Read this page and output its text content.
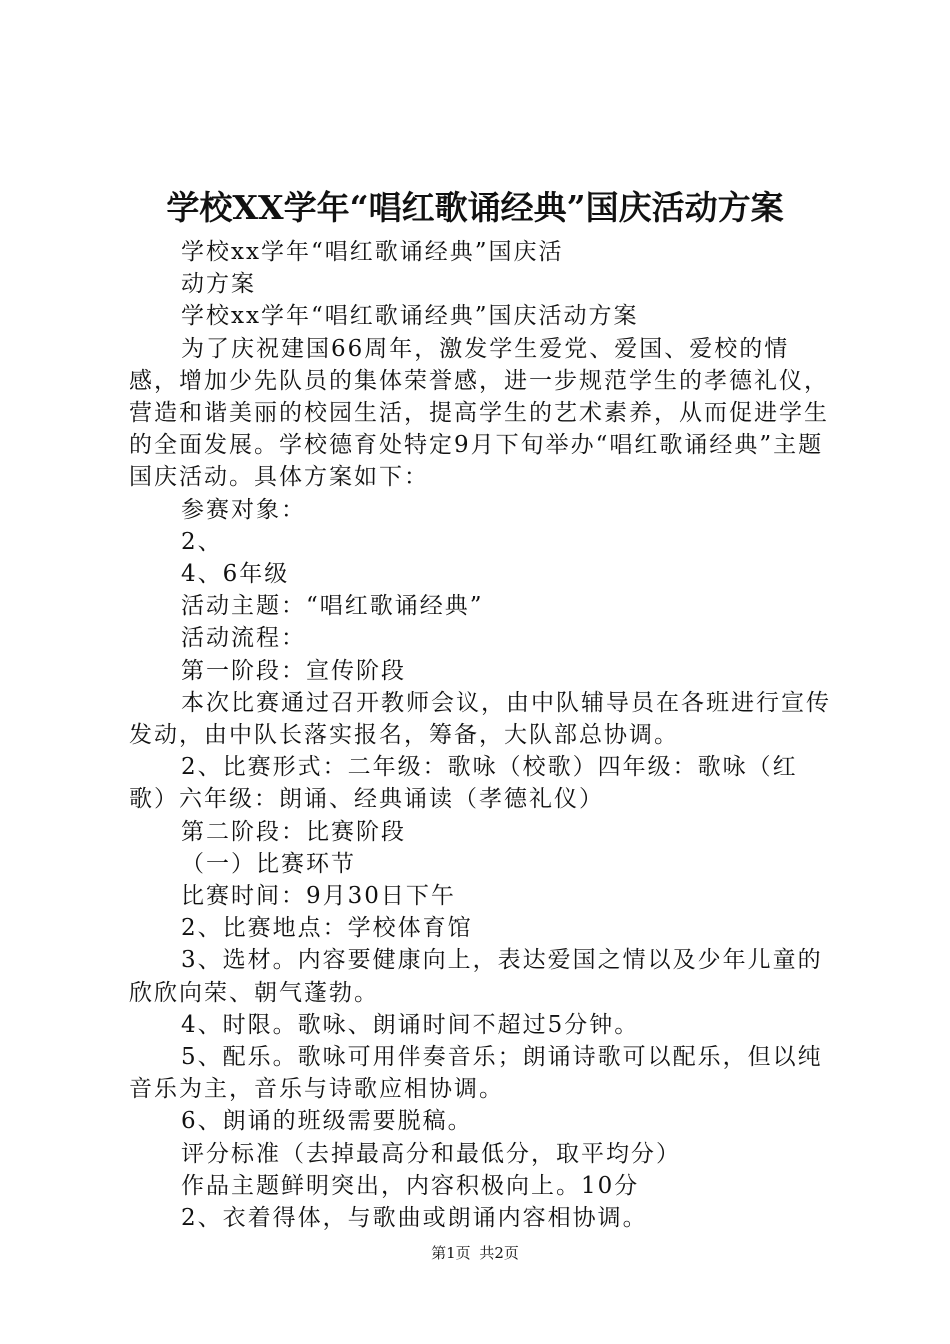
学校XX学年“唱红歌诵经典”国庆活动方案

学校xx学年“唱红歌诵经典”国庆活

动方案

学校xx学年“唱红歌诵经典”国庆活动方案

为了庆祝建国66周年，激发学生爱党、爱国、爱校的情感，增加少先队员的集体荣誉感，进一步规范学生的孝德礼仪，营造和谐美丽的校园生活，提高学生的艺术素养，从而促进学生的全面发展。学校德育处特定9月下旬举办“唱红歌诵经典”主题国庆活动。具体方案如下：

参赛对象：

2、

4、6年级

活动主题：“唱红歌诵经典”

活动流程：

第一阶段：宣传阶段

本次比赛通过召开教师会议，由中队辅导员在各班进行宣传发动，由中队长落实报名，筹备，大队部总协调。

2、比赛形式：二年级：歌咏（校歌）四年级：歌咏（红歌）六年级：朗诵、经典诵读（孝德礼仪）

第二阶段：比赛阶段

（一）比赛环节

比赛时间：9月30日下午

2、比赛地点：学校体育馆

3、选材。内容要健康向上，表达爱国之情以及少年儿童的欣欣向荣、朝气蓬勃。

4、时限。歌咏、朗诵时间不超过5分钟。

5、配乐。歌咏可用伴奏音乐；朗诵诗歌可以配乐，但以纯音乐为主，音乐与诗歌应相协调。

6、朗诵的班级需要脱稿。

评分标准（去掉最高分和最低分，取平均分）

作品主题鲜明突出，内容积极向上。10分

2、衣着得体，与歌曲或朗诵内容相协调。

第1页 共2页
